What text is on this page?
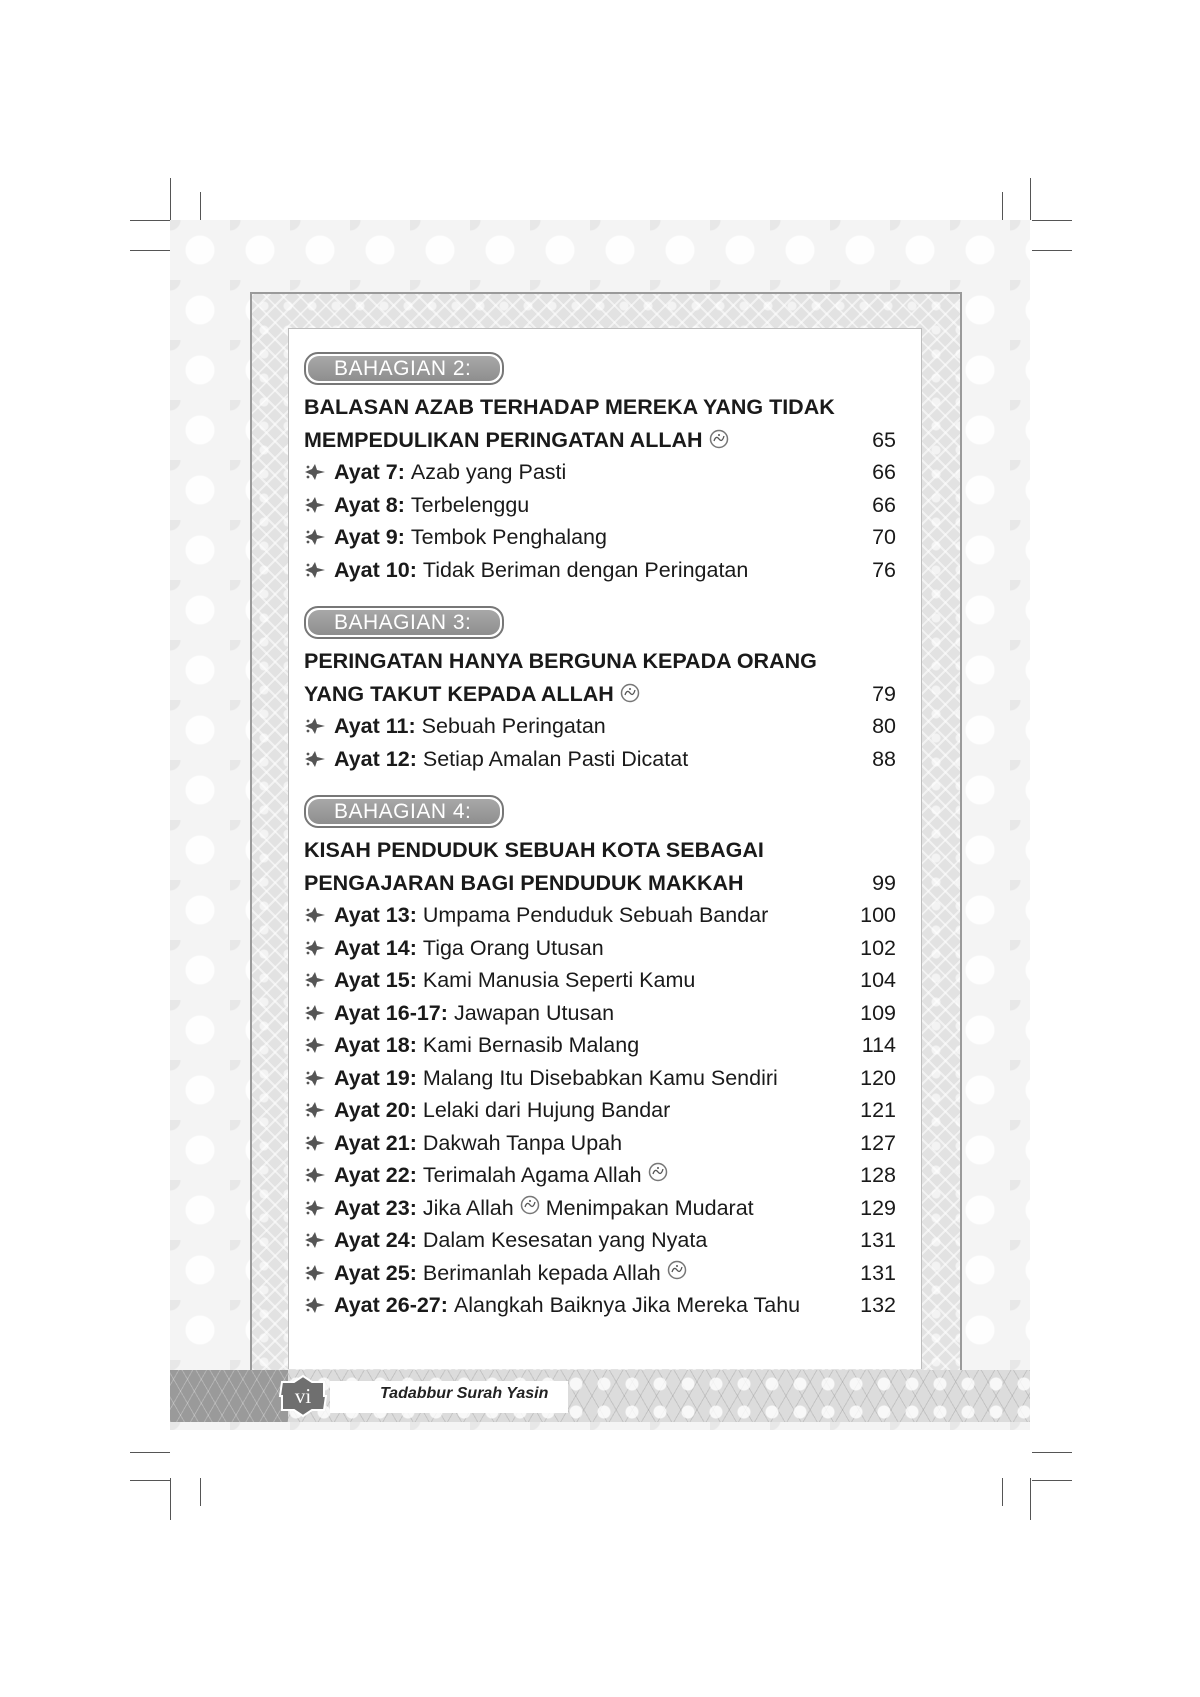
BAHAGIAN 2:
BALASAN AZAB TERHADAP MEREKA YANG TIDAK
MEMPEDULIKAN PERINGATAN ALLAH	65
Ayat 7: Azab yang Pasti	66
Ayat 8: Terbelenggu	66
Ayat 9: Tembok Penghalang	70
Ayat 10: Tidak Beriman dengan Peringatan	76
BAHAGIAN 3:
PERINGATAN HANYA BERGUNA KEPADA ORANG
YANG TAKUT KEPADA ALLAH	79
Ayat 11: Sebuah Peringatan	80
Ayat 12: Setiap Amalan Pasti Dicatat	88
BAHAGIAN 4:
KISAH PENDUDUK SEBUAH KOTA SEBAGAI
PENGAJARAN BAGI PENDUDUK MAKKAH	99
Ayat 13: Umpama Penduduk Sebuah Bandar	100
Ayat 14: Tiga Orang Utusan	102
Ayat 15: Kami Manusia Seperti Kamu	104
Ayat 16-17: Jawapan Utusan	109
Ayat 18: Kami Bernasib Malang	114
Ayat 19: Malang Itu Disebabkan Kamu Sendiri	120
Ayat 20: Lelaki dari Hujung Bandar	121
Ayat 21: Dakwah Tanpa Upah	127
Ayat 22: Terimalah Agama Allah	128
Ayat 23: Jika Allah Menimpakan Mudarat	129
Ayat 24: Dalam Kesesatan yang Nyata	131
Ayat 25: Berimanlah kepada Allah	131
Ayat 26-27: Alangkah Baiknya Jika Mereka Tahu	132
vi	Tadabbur Surah Yasin
